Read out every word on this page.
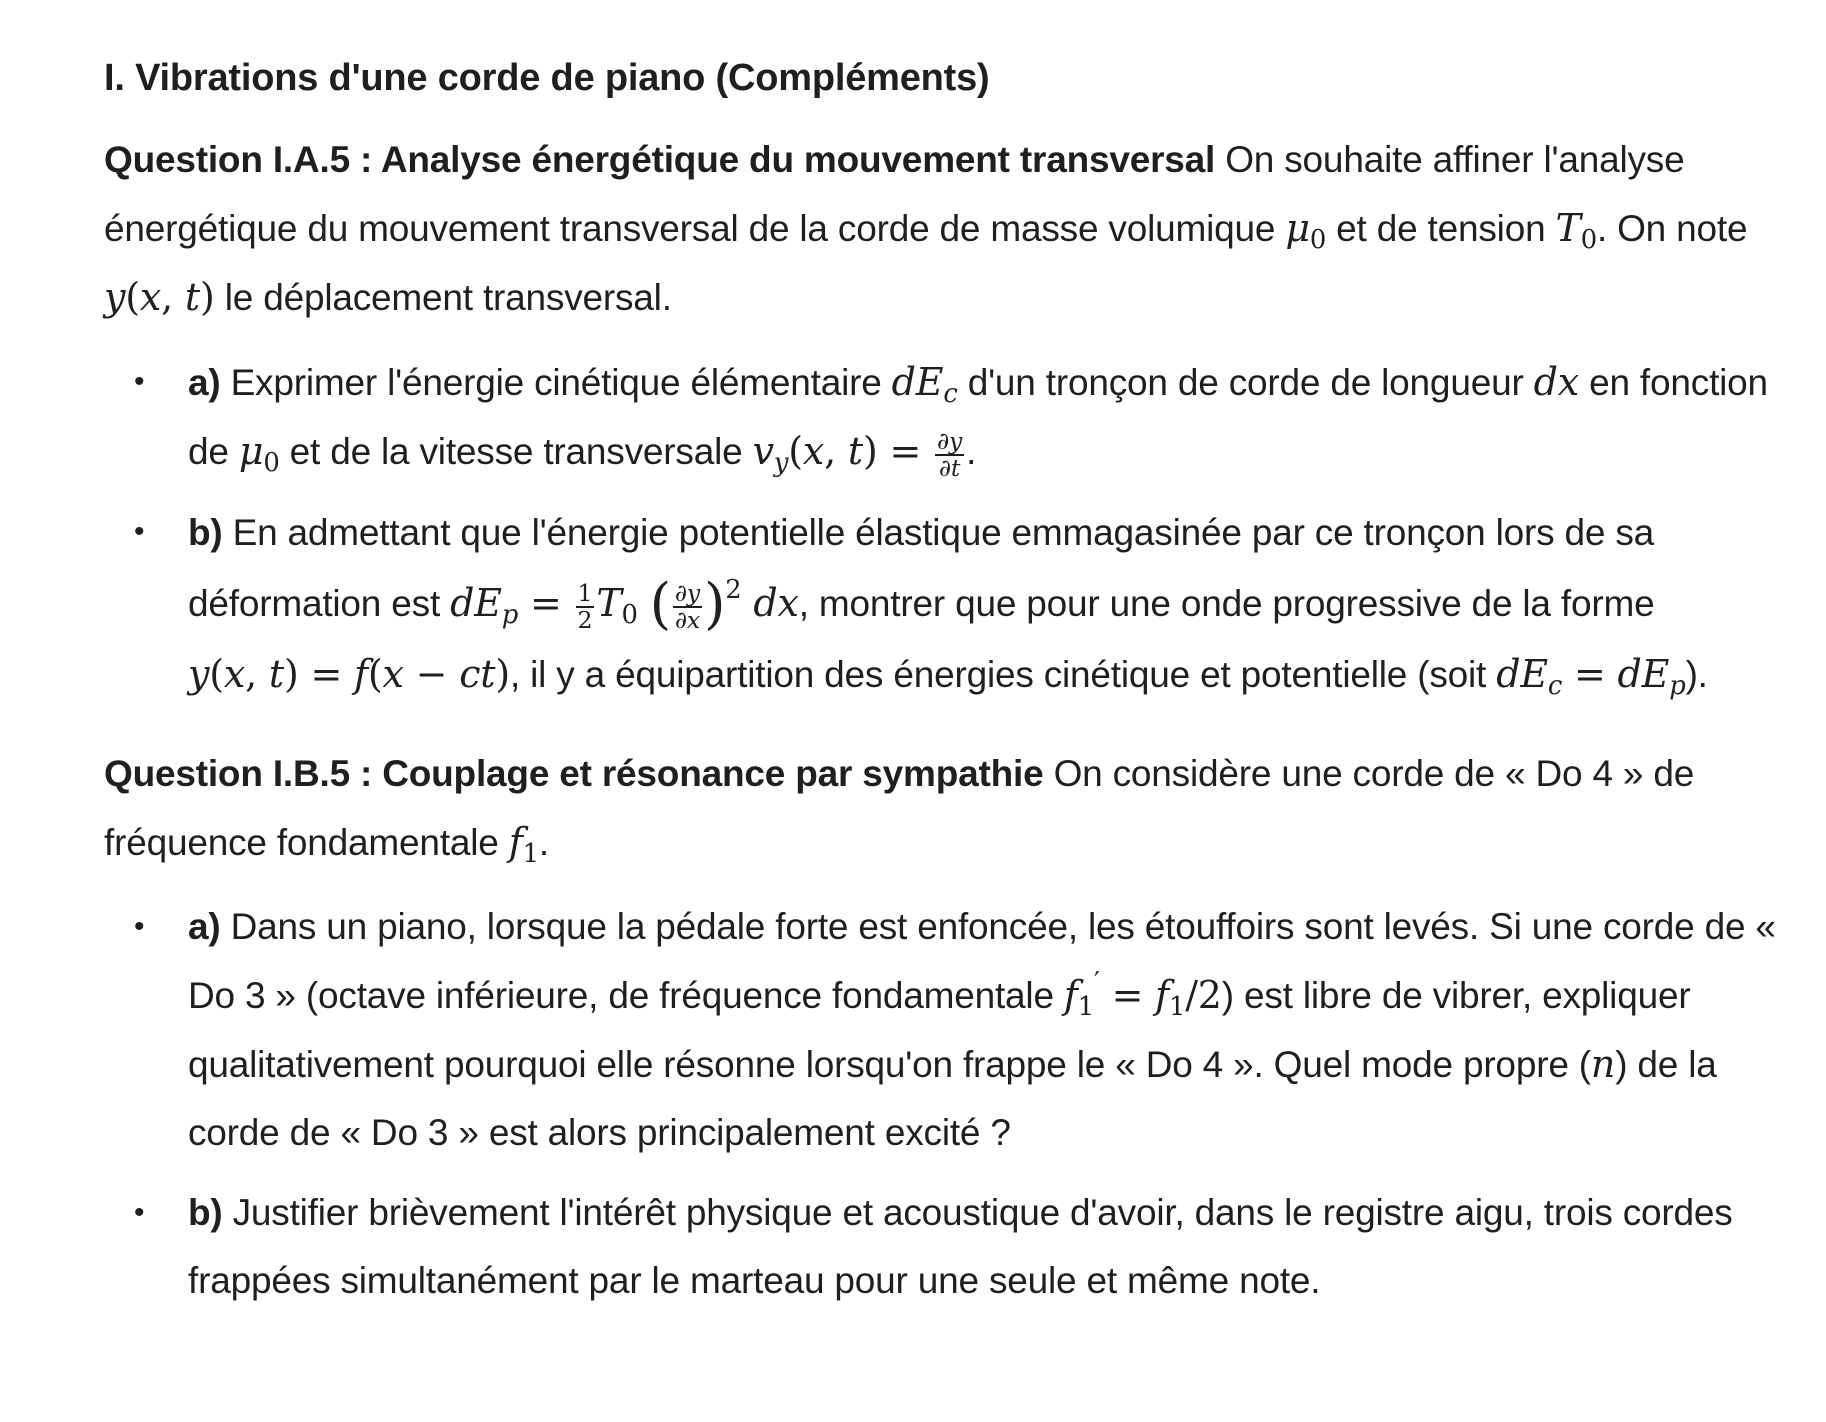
I. Vibrations d'une corde de piano (Compléments)
Question I.A.5 : Analyse énergétique du mouvement transversal On souhaite affiner l'analyse énergétique du mouvement transversal de la corde de masse volumique $\mu_0$ et de tension $T_0$. On note y(x, t) le déplacement transversal.
• a) Exprimer l'énergie cinétique élémentaire $dE_c$ d'un tronçon de corde de longueur dx en fonction de $\mu_0$ et de la vitesse transversale $v_y(x$, $t) = \frac{\partial y}{\partial t}$ .
• b) En admettant que l'énergie potentielle élastique emmagasinée par ce tronçon lors de sa déformation est $dE_p = \frac{1}{2} T_0$ ( $\frac{\partial y}{\partial x} )^2$ dx, montrer que pour une onde progressive de la forme y(x, t) = f(x − ct), il y a équipartition des énergies cinétique et potentielle (soit $dE_c = dE_p$).
Question I.B.5 : Couplage et résonance par sympathie On considère une corde de « Do 4 » de fréquence fondamentale $f_1$.
• a) Dans un piano, lorsque la pédale forte est enfoncée, les étouffoirs sont levés. Si une corde de « Do 3 » (octave inférieure, de fréquence fondamentale $f_1' = f_1/2$) est libre de vibrer, expliquer qualitativement pourquoi elle résonne lorsqu'on frappe le « Do 4 ». Quel mode propre (n) de la corde de « Do 3 » est alors principalement excité ?
• b) Justifier brièvement l'intérêt physique et acoustique d'avoir, dans le registre aigu, trois cordes frappées simultanément par le marteau pour une seule et même note.
